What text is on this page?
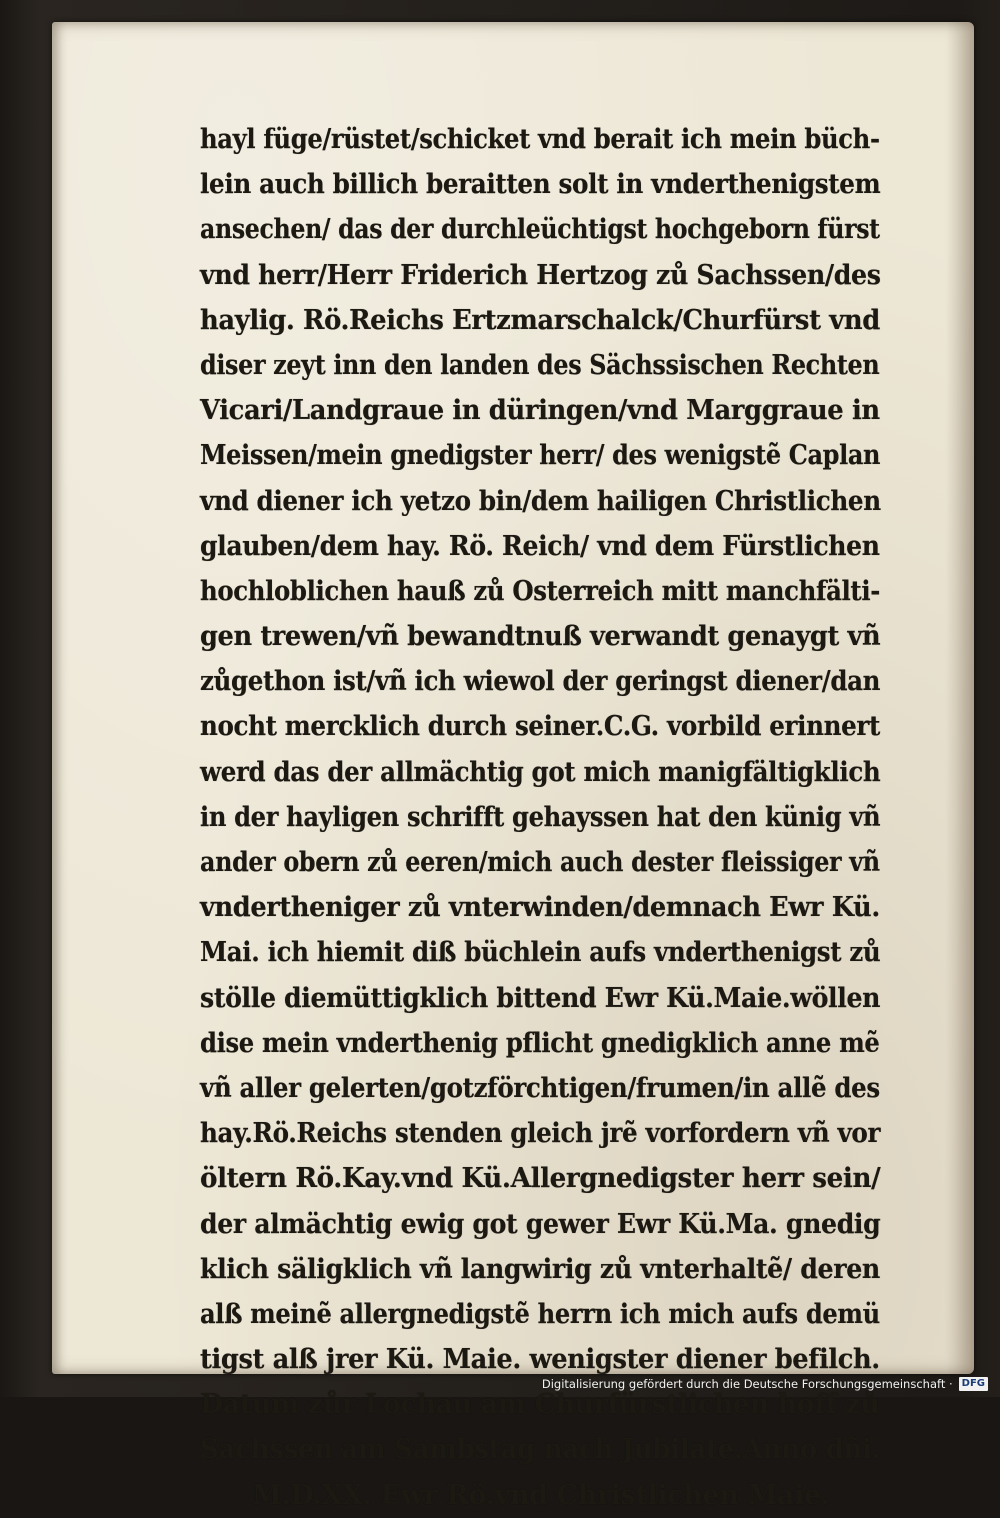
hayl füge/rüstet/schicket vnd berait ich mein büch-
lein auch billich beraitten solt in vnderthenigstem
ansechen/ das der durchleüchtigst hochgeborn fürst
vnd herr/Herr Friderich Hertzog zů Sachssen/des
haylig. Rö.Reichs Ertzmarschalck/Churfürst vnd
diser zeyt inn den landen des Sächssischen Rechten
Vicari/Landgraue in düringen/vnd Marggraue in
Meissen/mein gnedigster herr/ des wenigstẽ Caplan
vnd diener ich yetzo bin/dem hailigen Christlichen
glauben/dem hay. Rö. Reich/ vnd dem Fürstlichen
hochloblichen hauß zů Osterreich mitt manchfälti-
gen trewen/vñ bewandtnuß verwandt genaygt vñ
zůgethon ist/vñ ich wiewol der geringst diener/dan
nocht mercklich durch seiner.C.G. vorbild erinnert
werd das der allmächtig got mich manigfältigklich
in der hayligen schrifft gehayssen hat den künig vñ
ander obern zů eeren/mich auch dester fleissiger vñ
vndertheniger zů vnterwinden/demnach Ewr Kü.
Mai. ich hiemit diß büchlein aufs vnderthenigst zů
stölle diemüttigklich bittend Ewr Kü.Maie.wöllen
dise mein vnderthenig pflicht gnedigklich anne mẽ
vñ aller gelerten/gotzförchtigen/frumen/in allẽ des
hay.Rö.Reichs stenden gleich jrẽ vorfordern vñ vor
öltern Rö.Kay.vnd Kü.Allergnedigster herr sein/
der almächtig ewig got gewer Ewr Kü.Ma. gnedig
klich säligklich vñ langwirig zů vnterhaltẽ/ deren
alß meinẽ allergnedigstẽ herrn ich mich aufs demü
tigst alß jrer Kü. Maie. wenigster diener befilch.
Datum zůr Lochau am Churfürstlichen hoff zů
Sachssen am Sambstag nach Jubilate.Anno dñi.
M.D.XX. Ewr Rö.vnd Christlichen Maie.
Digitalisierung gefördert durch die Deutsche Forschungsgemeinschaft · DFG
